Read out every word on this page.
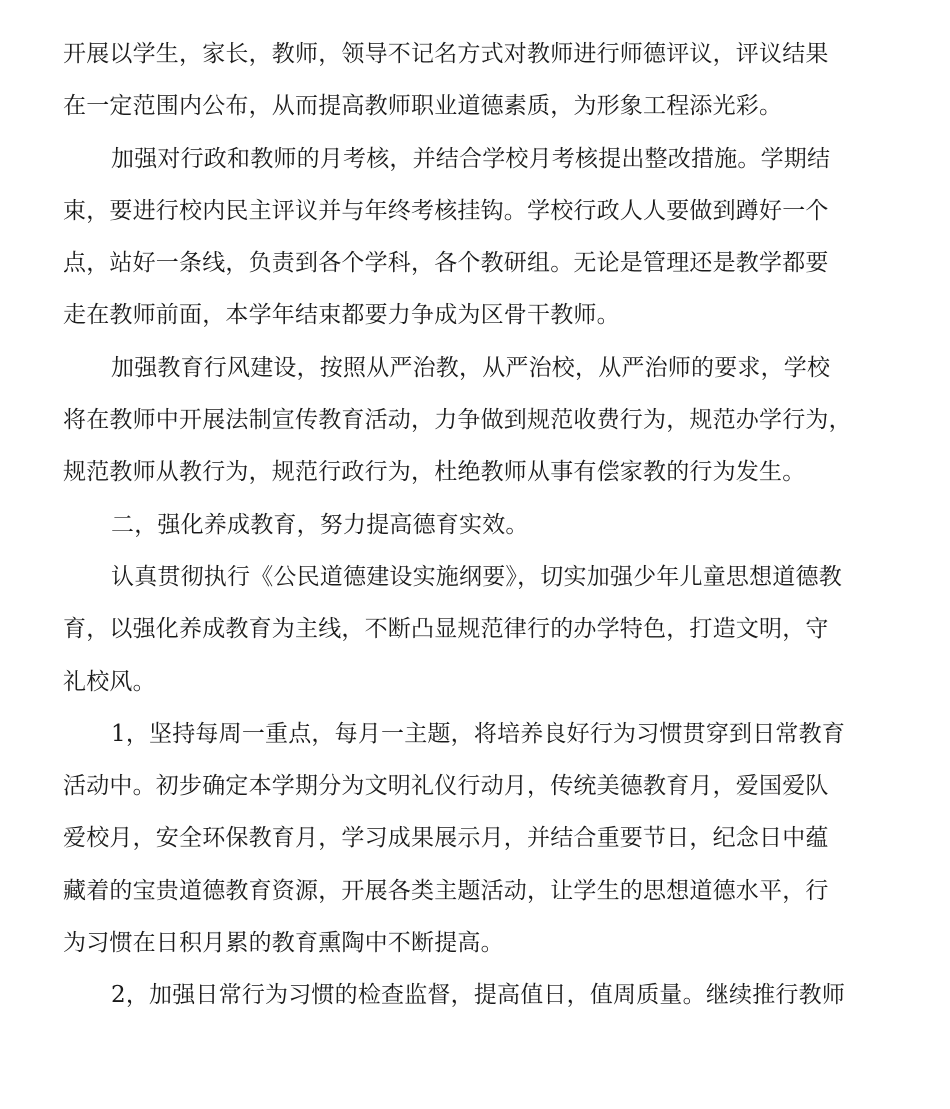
开展以学生，家长，教师，领导不记名方式对教师进行师德评议，评议结果
在一定范围内公布，从而提高教师职业道德素质，为形象工程添光彩。
加强对行政和教师的月考核，并结合学校月考核提出整改措施。学期结
束，要进行校内民主评议并与年终考核挂钩。学校行政人人要做到蹲好一个
点，站好一条线，负责到各个学科，各个教研组。无论是管理还是教学都要
走在教师前面，本学年结束都要力争成为区骨干教师。
加强教育行风建设，按照从严治教，从严治校，从严治师的要求，学校
将在教师中开展法制宣传教育活动，力争做到规范收费行为，规范办学行为，
规范教师从教行为，规范行政行为，杜绝教师从事有偿家教的行为发生。
二，强化养成教育，努力提高德育实效。
认真贯彻执行《公民道德建设实施纲要》，切实加强少年儿童思想道德教
育，以强化养成教育为主线，不断凸显规范律行的办学特色，打造文明，守
礼校风。
1，坚持每周一重点，每月一主题，将培养良好行为习惯贯穿到日常教育
活动中。初步确定本学期分为文明礼仪行动月，传统美德教育月，爱国爱队
爱校月，安全环保教育月，学习成果展示月，并结合重要节日，纪念日中蕴
藏着的宝贵道德教育资源，开展各类主题活动，让学生的思想道德水平，行
为习惯在日积月累的教育熏陶中不断提高。
2，加强日常行为习惯的检查监督，提高值日，值周质量。继续推行教师
